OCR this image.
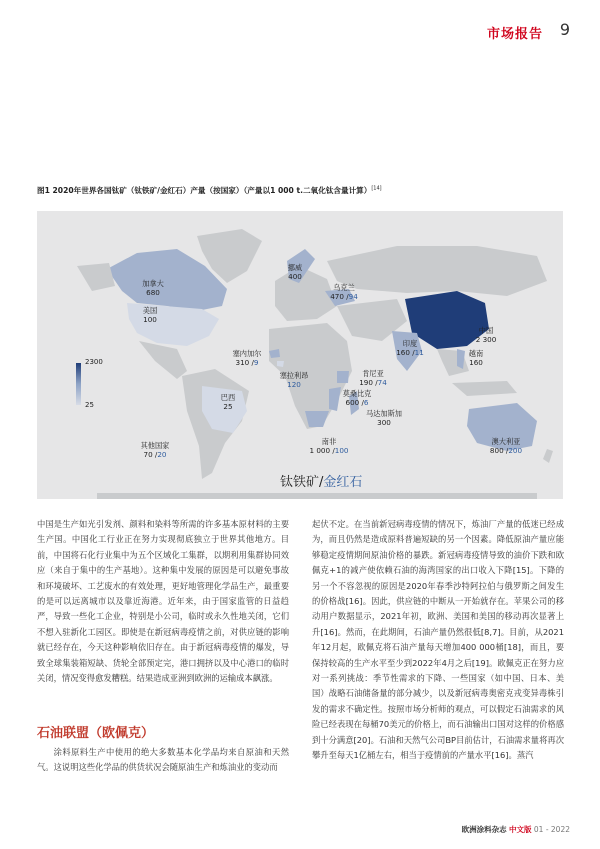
市场报告 9
图1 2020年世界各国钛矿（钛铁矿/金红石）产量（按国家）（产量以1 000 t.二氧化钛含量计算）[14]
2300
25
加拿大
680
美国
100
挪威
400
乌克兰
470 /94
中国
2 300
印度
160 /11	越南
160
塞内加尔
310 /9
塞拉利昂
120
肯尼亚
190 /74
莫桑比克
600 /6
马达加斯加
300
巴西
25
其他国家
70 /20
南非
1 000 /100
澳大利亚
800 /200
钛铁矿/金红石

中国是生产如光引发剂、颜料和染料等所需的许多基本原材料的主要生产国。中国化工行业正在努力实现彻底独立于世界其他地方。目前，中国将石化行业集中为五个区域化工集群，以期利用集群协同效应（来自于集中的生产基地）。这种集中发展的原因是可以避免事故和环境破坏、工艺废水的有效处理，更好地管理化学品生产，最重要的是可以远离城市以及靠近海港。近年来，由于国家监管的日益趋严，导致一些化工企业，特别是小公司，临时或永久性地关闭，它们不想入驻新化工园区。即使是在新冠病毒疫情之前，对供应链的影响就已经存在，今天这种影响依旧存在。由于新冠病毒疫情的爆发，导致全球集装箱短缺、货轮全部预定完，港口拥挤以及中心港口的临时关闭，情况变得愈发糟糕。结果造成亚洲到欧洲的运输成本飙涨。

石油联盟（欧佩克）

涂料原料生产中使用的绝大多数基本化学品均来自原油和天然气。这说明这些化学品的供货状况会随原油生产和炼油业的变动而

起伏不定。在当前新冠病毒疫情的情况下，炼油厂产量的低迷已经成为，而且仍然是造成原料普遍短缺的另一个因素。降低原油产量应能够稳定疫情期间原油价格的暴跌。新冠病毒疫情导致的油价下跌和欧佩克+1的减产使依赖石油的海湾国家的出口收入下降[15]。下降的另一个不容忽视的原因是2020年春季沙特阿拉伯与俄罗斯之间发生的价格战[16]。因此，供应链的中断从一开始就存在。苹果公司的移动用户数据显示，2021年初，欧洲、美国和美国的移动再次显著上升[16]。然而，在此期间，石油产量仍然很低[8,7]。目前，从2021年12月起，欧佩克将石油产量每天增加400 000桶[18]，而且，要保持较高的生产水平至少到2022年4月之后[19]。欧佩克正在努力应对一系列挑战：季节性需求的下降、一些国家（如中国、日本、美国）战略石油储备量的部分减少，以及新冠病毒奥密克戎变异毒株引发的需求不确定性。按照市场分析师的观点，可以假定石油需求的风险已经表现在每桶70美元的价格上，而石油输出口国对这样的价格感到十分满意[20]。石油和天然气公司BP目前估计，石油需求量将再次攀升至每天1亿桶左右，相当于疫情前的产量水平[16]。蒸汽

欧洲涂料杂志 中文版 01 - 2022
